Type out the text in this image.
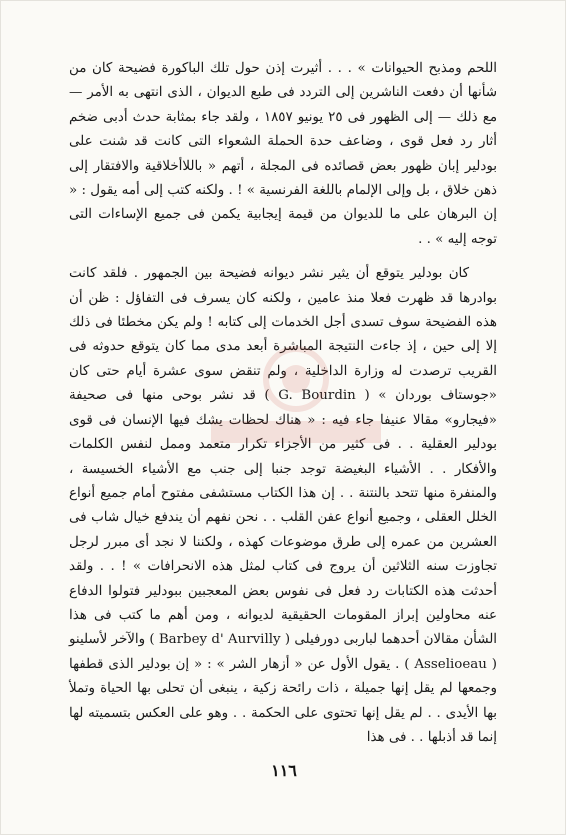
اللحم ومذبح الحيوانات » . . . أثيرت إذن حول تلك الباكورة فضيحة كان من شأنها أن دفعت الناشرين إلى التردد فى طبع الديوان ، الذى انتهى به الأمر — مع ذلك — إلى الظهور فى ٢٥ يونيو ١٨٥٧ ، ولقد جاء بمثابة حدث أدبى ضخم أثار رد فعل قوى ، وضاعف حدة الحملة الشعواء التى كانت قد شنت على بودلير إبان ظهور بعض قصائده فى المجلة ، أتهم « باللاأخلاقية والافتقار إلى ذهن خلاق ، بل وإلى الإلمام باللغة الفرنسية » ! . ولكنه كتب إلى أمه يقول : « إن البرهان على ما للديوان من قيمة إيجابية يكمن فى جميع الإساءات التى توجه إليه » . .

كان بودلير يتوقع أن يثير نشر ديوانه فضيحة بين الجمهور . فلقد كانت بوادرها قد ظهرت فعلا منذ عامين ، ولكنه كان يسرف فى التفاؤل : ظن أن هذه الفضيحة سوف تسدى أجل الخدمات إلى كتابه ! ولم يكن مخطئا فى ذلك إلا إلى حين ، إذ جاءت النتيجة المباشرة أبعد مدى مما كان يتوقع حدوثه فى القريب ترصدت له وزارة الداخلية ، ولم تنقض سوى عشرة أيام حتى كان «جوستاف بوردان » ( G. Bourdin ) قد نشر بوحى منها فى صحيفة «فيجارو» مقالا عنيفا جاء فيه : « هناك لحظات يشك فيها الإنسان فى قوى بودلير العقلية . . فى كثير من الأجزاء تكرار متعمد وممل لنفس الكلمات والأفكار . . الأشياء البغيضة توجد جنبا إلى جنب مع الأشياء الخسيسة ، والمنفرة منها تتحد بالنتنة . . إن هذا الكتاب مستشفى مفتوح أمام جميع أنواع الخلل العقلى ، وجميع أنواع عفن القلب . . نحن نفهم أن يندفع خيال شاب فى العشرين من عمره إلى طرق موضوعات كهذه ، ولكننا لا نجد أى مبرر لرجل تجاوزت سنه الثلاثين أن يروج فى كتاب لمثل هذه الانحرافات » ! . . ولقد أحدثت هذه الكتابات رد فعل فى نفوس بعض المعجبين ببودلير فتولوا الدفاع عنه محاولين إبراز المقومات الحقيقية لديوانه ، ومن أهم ما كتب فى هذا الشأن مقالان أحدهما لباربى دورفيلى ( Barbey d' Aurvilly ) والآخر لأسلينو ( Asselioeau ) . يقول الأول عن « أزهار الشر » : « إن بودلير الذى قطفها وجمعها لم يقل إنها جميلة ، ذات رائحة زكية ، ينبغى أن تحلى بها الحياة وتملأ بها الأيدى . . لم يقل إنها تحتوى على الحكمة . . وهو على العكس بتسميته لها إنما قد أذبلها . . فى هذا

١١٦
